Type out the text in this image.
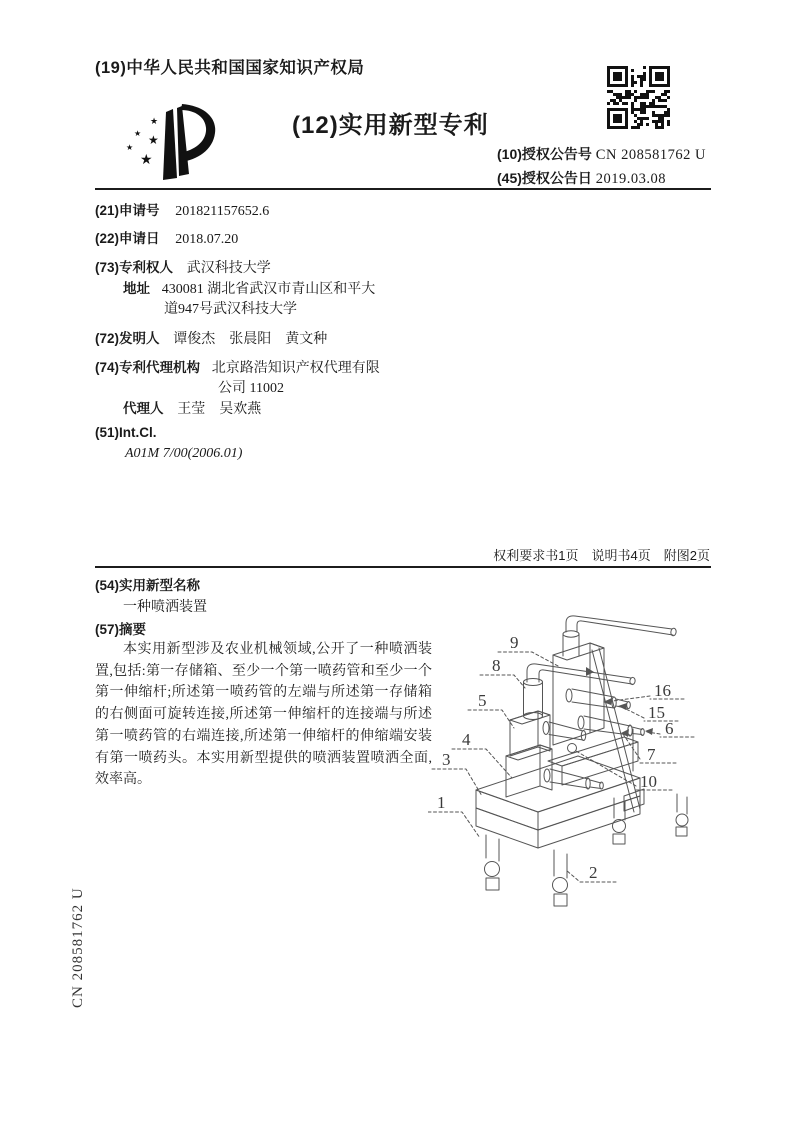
(19)中华人民共和国国家知识产权局
★
★ ★
★
★
(12)实用新型专利
(10)授权公告号 CN 208581762 U
(45)授权公告日 2019.03.08
(21)申请号 201821157652.6
(22)申请日 2018.07.20
(73)专利权人 武汉科技大学
地址 430081 湖北省武汉市青山区和平大
道947号武汉科技大学
(72)发明人 谭俊杰　张晨阳　黄文种
(74)专利代理机构 北京路浩知识产权代理有限
公司 11002
代理人 王莹　吴欢燕
(51)Int.Cl.
A01M 7/00(2006.01)
权利要求书1页　说明书4页　附图2页
(54)实用新型名称
一种喷洒装置
(57)摘要
本实用新型涉及农业机械领域,公开了一种喷洒装置,包括:第一存储箱、至少一个第一喷药管和至少一个第一伸缩杆;所述第一喷药管的左端与所述第一存储箱的右侧面可旋转连接,所述第一伸缩杆的连接端与所述第一喷药管的右端连接,所述第一伸缩杆的伸缩端安装有第一喷药头。本实用新型提供的喷洒装置喷洒全面,效率高。
9
8
5
4
3
1
2
16
15
6
7
10
CN 208581762 U
